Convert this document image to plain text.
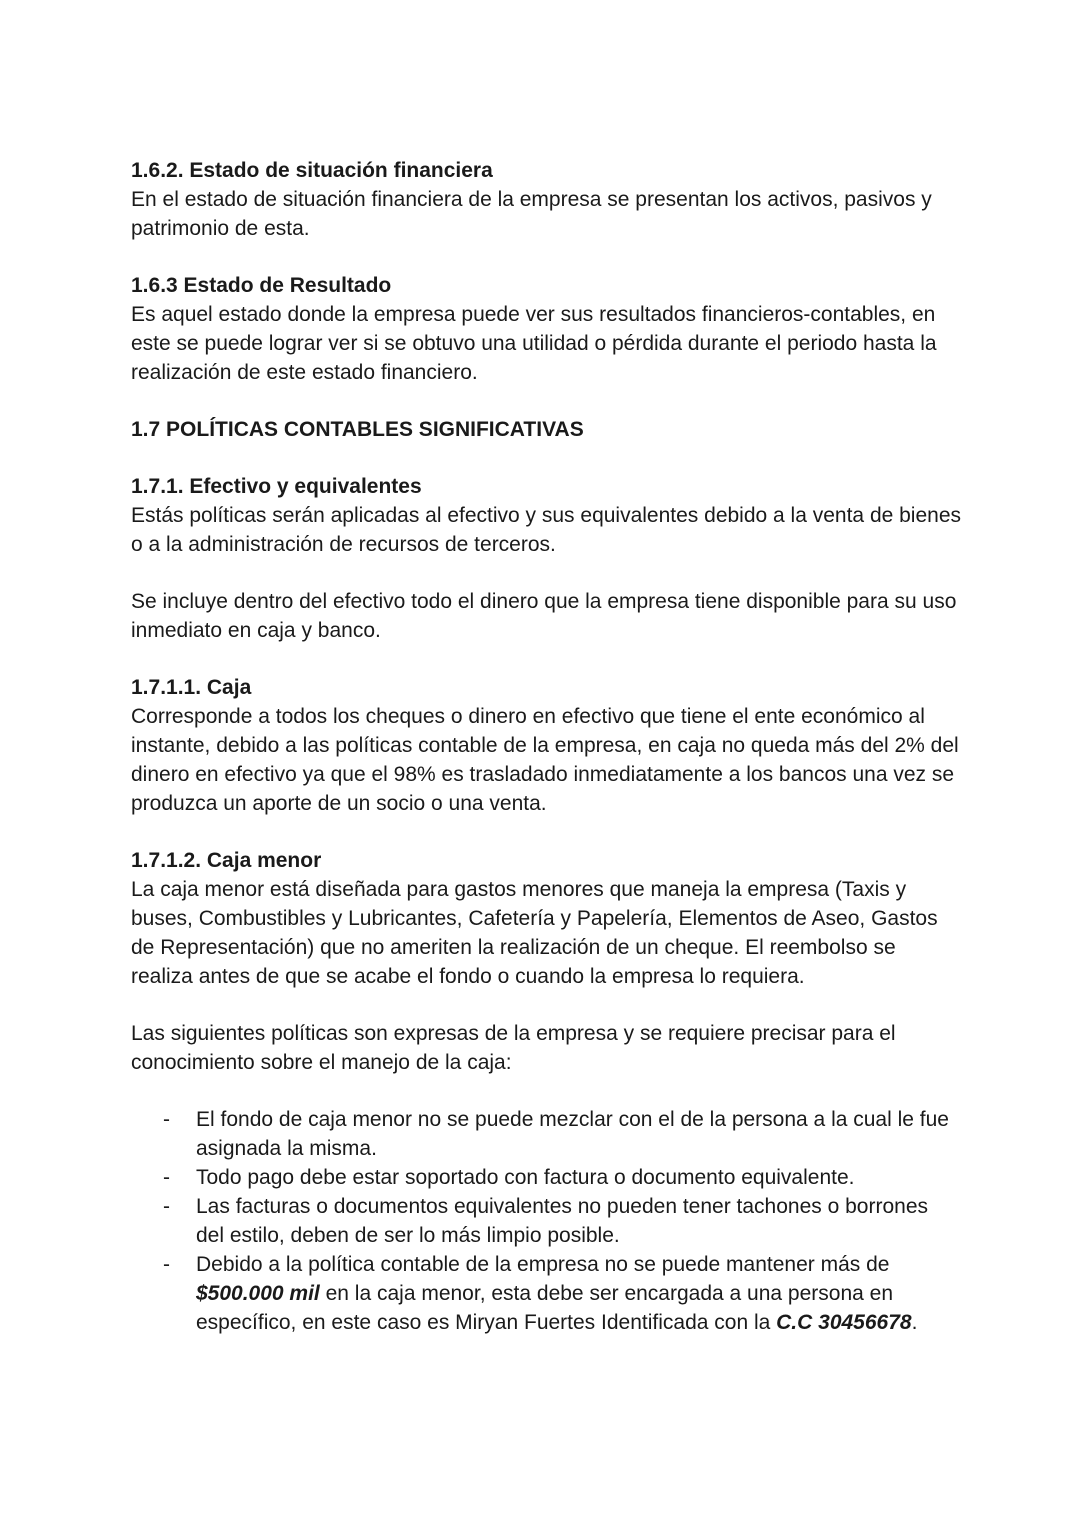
1.6.2. Estado de situación financiera

En el estado de situación financiera de la empresa se presentan los activos, pasivos y patrimonio de esta.

1.6.3 Estado de Resultado

Es aquel estado donde la empresa puede ver sus resultados financieros-contables, en este se puede lograr ver si se obtuvo una utilidad o pérdida durante el periodo hasta la realización de este estado financiero.

1.7 POLÍTICAS CONTABLES SIGNIFICATIVAS

1.7.1. Efectivo y equivalentes

Estás políticas serán aplicadas al efectivo y sus equivalentes debido a la venta de bienes o a la administración de recursos de terceros.

Se incluye dentro del efectivo todo el dinero que la empresa tiene disponible para su uso inmediato en caja y banco.

1.7.1.1. Caja

Corresponde a todos los cheques o dinero en efectivo que tiene el ente económico al instante, debido a las políticas contable de la empresa, en caja no queda más del 2% del dinero en efectivo ya que el 98% es trasladado inmediatamente a los bancos una vez se produzca un aporte de un socio o una venta.

1.7.1.2. Caja menor

La caja menor está diseñada para gastos menores que maneja la empresa (Taxis y buses, Combustibles y Lubricantes, Cafetería y Papelería, Elementos de Aseo, Gastos de Representación) que no ameriten la realización de un cheque. El reembolso se realiza antes de que se acabe el fondo o cuando la empresa lo requiera.

Las siguientes políticas son expresas de la empresa y se requiere precisar para el conocimiento sobre el manejo de la caja:

- El fondo de caja menor no se puede mezclar con el de la persona a la cual le fue asignada la misma.
- Todo pago debe estar soportado con factura o documento equivalente.
- Las facturas o documentos equivalentes no pueden tener tachones o borrones del estilo, deben de ser lo más limpio posible.
- Debido a la política contable de la empresa no se puede mantener más de $500.000 mil en la caja menor, esta debe ser encargada a una persona en específico, en este caso es Miryan Fuertes Identificada con la C.C 30456678.
